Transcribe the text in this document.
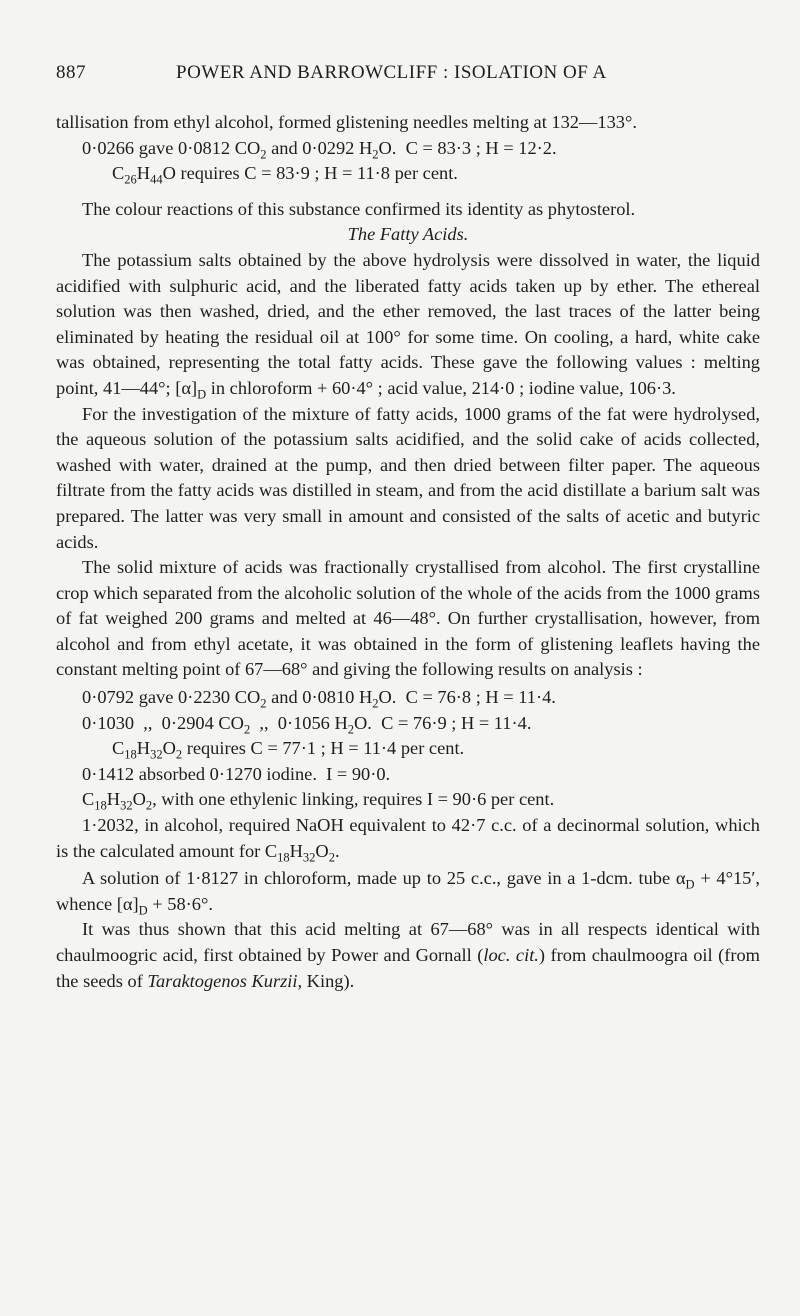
887	POWER AND BARROWCLIFF : ISOLATION OF A

tallisation from ethyl alcohol, formed glistening needles melting at 132—133°.

0·0266 gave 0·0812 $CO_2$ and 0·0292 $H_2O$.  C = 83·3 ; H = 12·2.

$C_{26}H_{44}O$ requires C = 83·9 ; H = 11·8 per cent.

The colour reactions of this substance confirmed its identity as phytosterol.

The Fatty Acids.

The potassium salts obtained by the above hydrolysis were dissolved in water, the liquid acidified with sulphuric acid, and the liberated fatty acids taken up by ether. The ethereal solution was then washed, dried, and the ether removed, the last traces of the latter being eliminated by heating the residual oil at 100° for some time. On cooling, a hard, white cake was obtained, representing the total fatty acids. These gave the following values : melting point, 41—44°; $[\alpha]_D$ in chloroform + 60·4° ; acid value, 214·0 ; iodine value, 106·3.

For the investigation of the mixture of fatty acids, 1000 grams of the fat were hydrolysed, the aqueous solution of the potassium salts acidified, and the solid cake of acids collected, washed with water, drained at the pump, and then dried between filter paper. The aqueous filtrate from the fatty acids was distilled in steam, and from the acid distillate a barium salt was prepared. The latter was very small in amount and consisted of the salts of acetic and butyric acids.

The solid mixture of acids was fractionally crystallised from alcohol. The first crystalline crop which separated from the alcoholic solution of the whole of the acids from the 1000 grams of fat weighed 200 grams and melted at 46—48°. On further crystallisation, however, from alcohol and from ethyl acetate, it was obtained in the form of glistening leaflets having the constant melting point of 67—68° and giving the following results on analysis :

0·0792 gave 0·2230 $CO_2$ and 0·0810 $H_2O$.  C = 76·8 ; H = 11·4.

0·1030  ,,  0·2904 $CO_2$  ,,  0·1056 $H_2O$.  C = 76·9 ; H = 11·4.

$C_{18}H_{32}O_2$ requires C = 77·1 ; H = 11·4 per cent.

0·1412 absorbed 0·1270 iodine.  I = 90·0.

$C_{18}H_{32}O_2$, with one ethylenic linking, requires I = 90·6 per cent.

1·2032, in alcohol, required NaOH equivalent to 42·7 c.c. of a decinormal solution, which is the calculated amount for $C_{18}H_{32}O_2$.

A solution of 1·8127 in chloroform, made up to 25 c.c., gave in a 1-dcm. tube $\alpha_D + 4^\circ 15'$, whence $[\alpha]_D + 58\cdot 6^\circ$.

It was thus shown that this acid melting at 67—68° was in all respects identical with chaulmoogric acid, first obtained by Power and Gornall (loc. cit.) from chaulmoogra oil (from the seeds of Taraktogenos Kurzii, King).
